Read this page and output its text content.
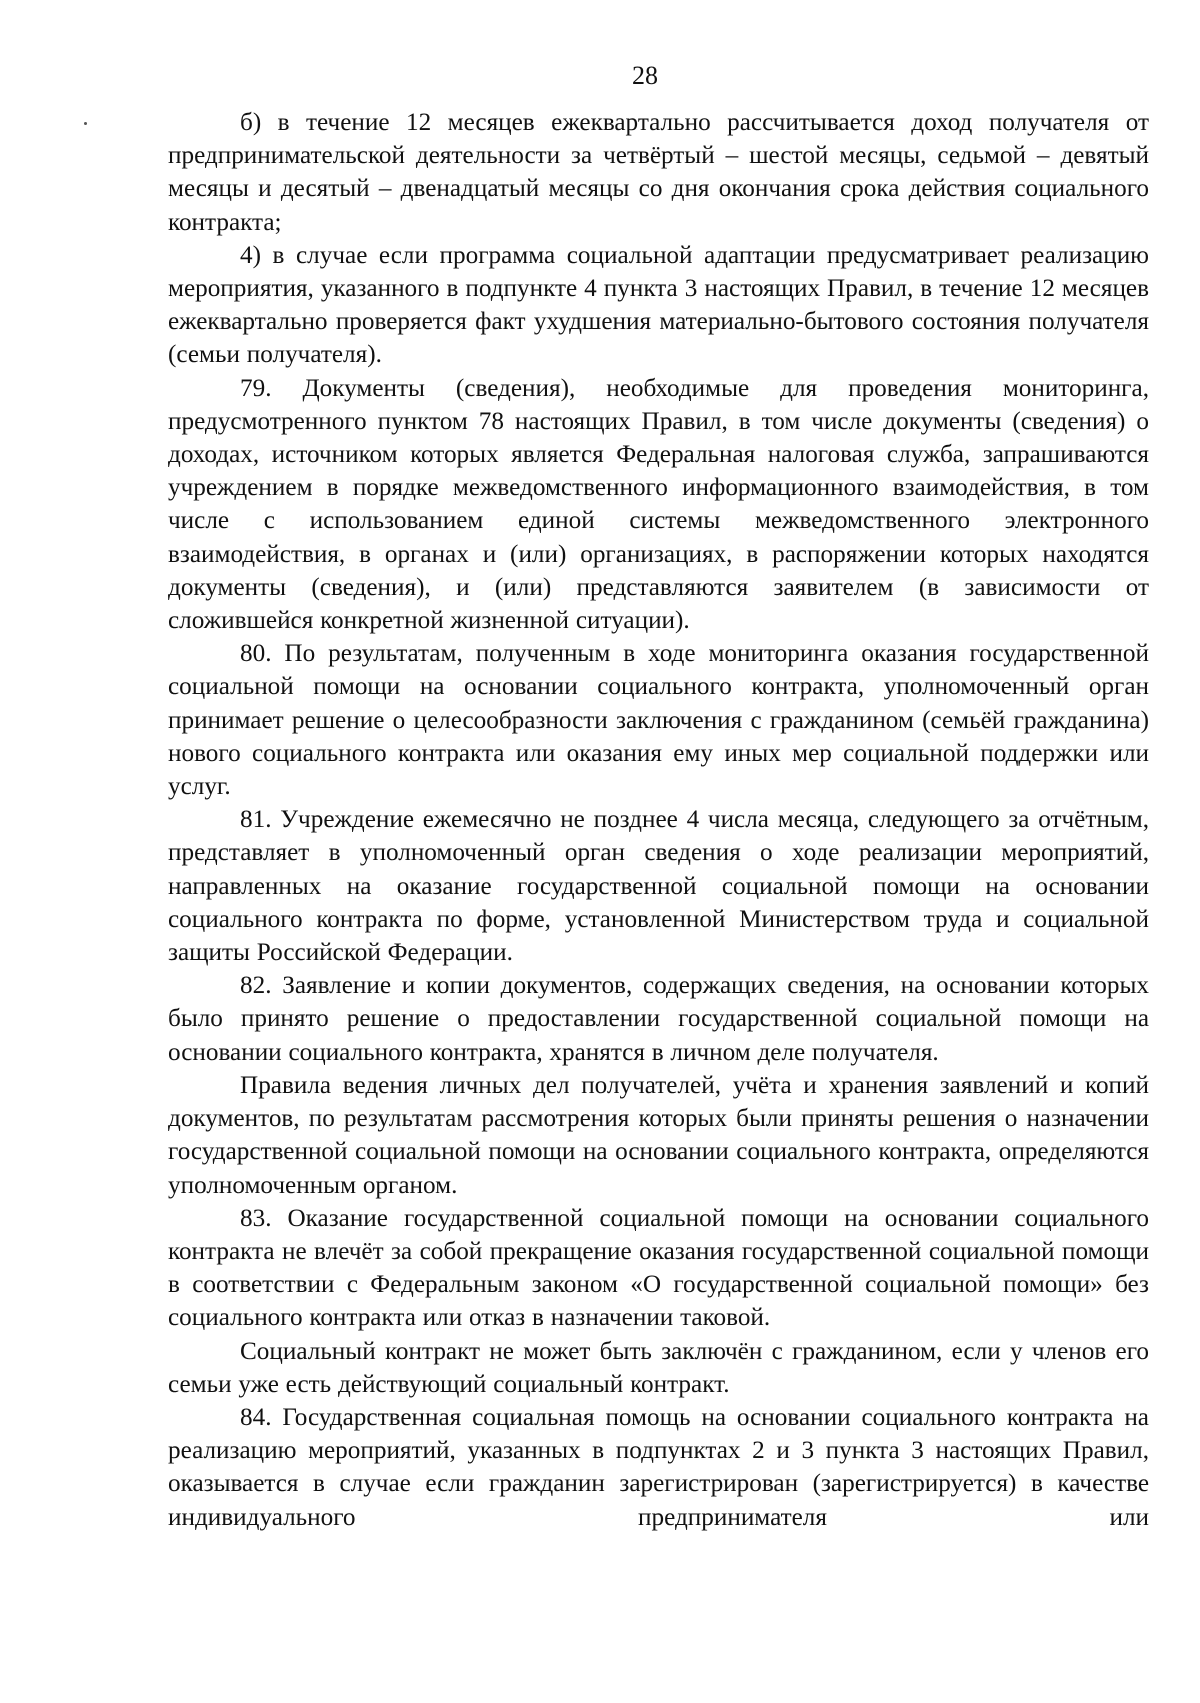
28

б) в течение 12 месяцев ежеквартально рассчитывается доход получателя от предпринимательской деятельности за четвёртый – шестой месяцы, седьмой – девятый месяцы и десятый – двенадцатый месяцы со дня окончания срока действия социального контракта;

4) в случае если программа социальной адаптации предусматривает реализацию мероприятия, указанного в подпункте 4 пункта 3 настоящих Правил, в течение 12 месяцев ежеквартально проверяется факт ухудшения материально-бытового состояния получателя (семьи получателя).

79. Документы (сведения), необходимые для проведения мониторинга, предусмотренного пунктом 78 настоящих Правил, в том числе документы (сведения) о доходах, источником которых является Федеральная налоговая служба, запрашиваются учреждением в порядке межведомственного информационного взаимодействия, в том числе с использованием единой системы межведомственного электронного взаимодействия, в органах и (или) организациях, в распоряжении которых находятся документы (сведения), и (или) представляются заявителем (в зависимости от сложившейся конкретной жизненной ситуации).

80. По результатам, полученным в ходе мониторинга оказания государственной социальной помощи на основании социального контракта, уполномоченный орган принимает решение о целесообразности заключения с гражданином (семьёй гражданина) нового социального контракта или оказания ему иных мер социальной поддержки или услуг.

81. Учреждение ежемесячно не позднее 4 числа месяца, следующего за отчётным, представляет в уполномоченный орган сведения о ходе реализации мероприятий, направленных на оказание государственной социальной помощи на основании социального контракта по форме, установленной Министерством труда и социальной защиты Российской Федерации.

82. Заявление и копии документов, содержащих сведения, на основании которых было принято решение о предоставлении государственной социальной помощи на основании социального контракта, хранятся в личном деле получателя.

Правила ведения личных дел получателей, учёта и хранения заявлений и копий документов, по результатам рассмотрения которых были приняты решения о назначении государственной социальной помощи на основании социального контракта, определяются уполномоченным органом.

83. Оказание государственной социальной помощи на основании социального контракта не влечёт за собой прекращение оказания государственной социальной помощи в соответствии с Федеральным законом «О государственной социальной помощи» без социального контракта или отказ в назначении таковой.

Социальный контракт не может быть заключён с гражданином, если у членов его семьи уже есть действующий социальный контракт.

84. Государственная социальная помощь на основании социального контракта на реализацию мероприятий, указанных в подпунктах 2 и 3 пункта 3 настоящих Правил, оказывается в случае если гражданин зарегистрирован (зарегистрируется) в качестве индивидуального предпринимателя или
